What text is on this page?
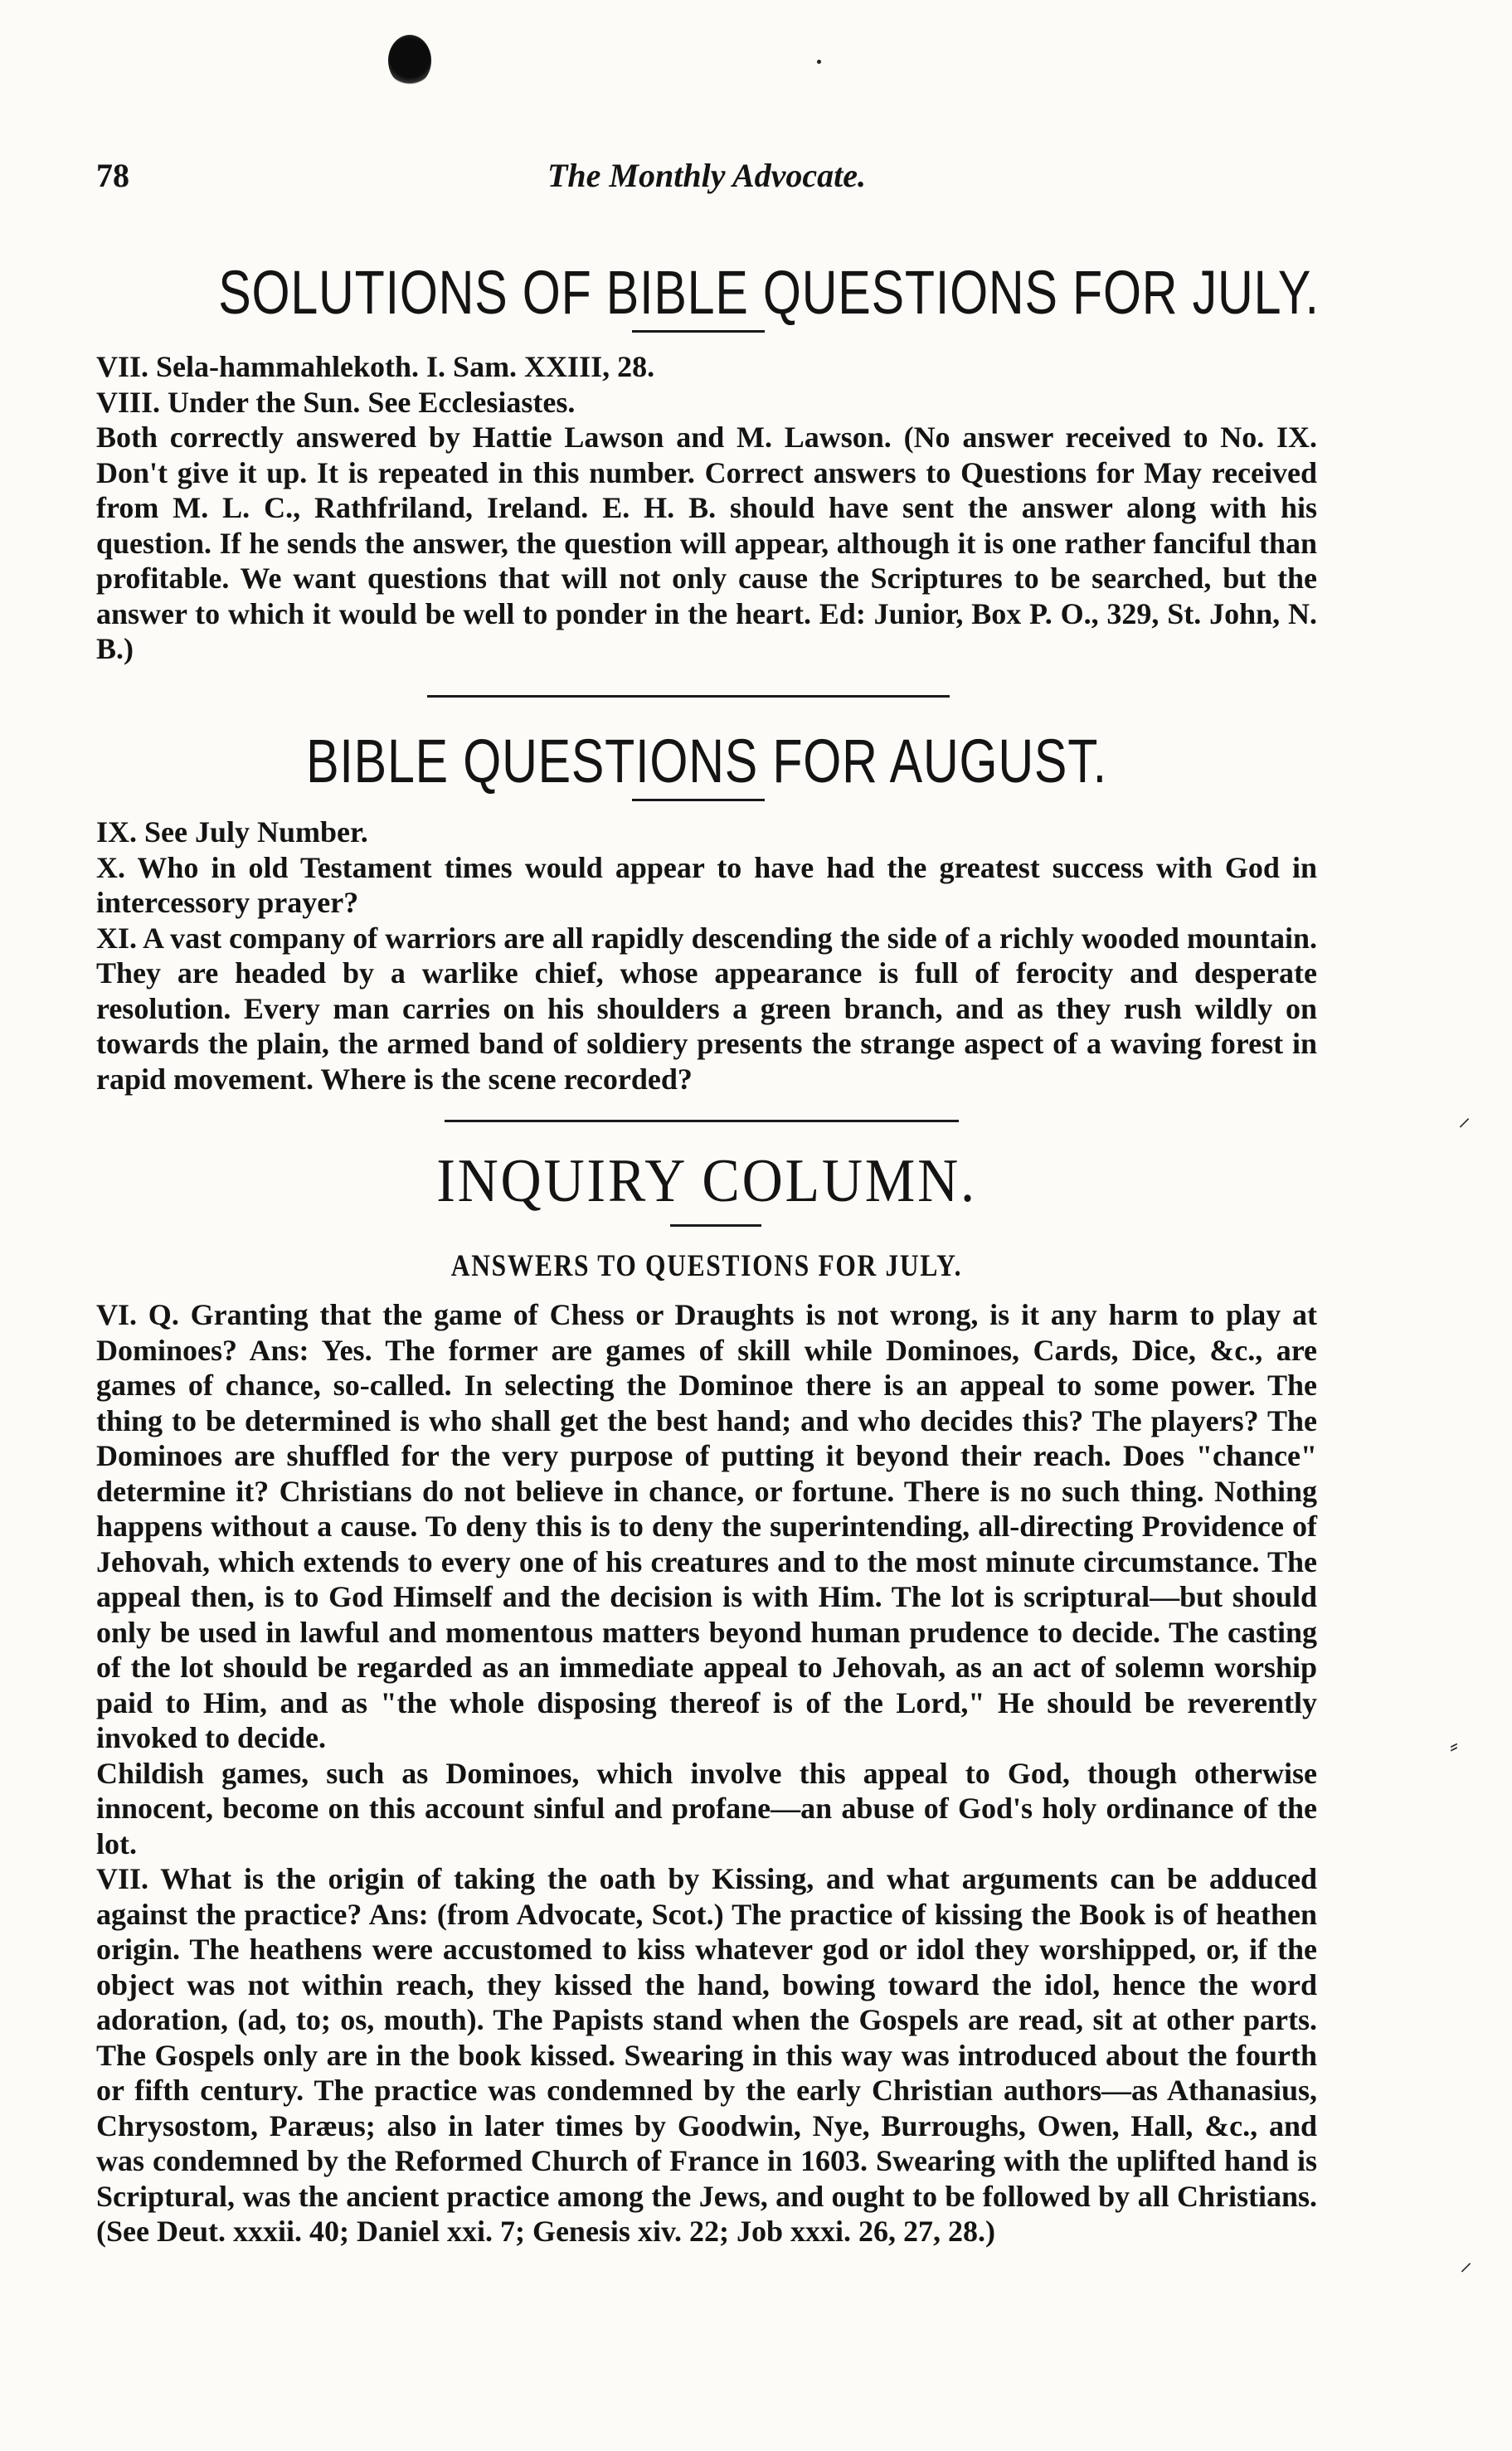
78	The Monthly Advocate.
SOLUTIONS OF BIBLE QUESTIONS FOR JULY.

VII. Sela-hammahlekoth. I. Sam. XXIII, 28.

VIII. Under the Sun. See Ecclesiastes.

Both correctly answered by Hattie Lawson and M. Lawson. (No answer received to No. IX. Don't give it up. It is repeated in this number. Correct answers to Questions for May received from M. L. C., Rathfriland, Ireland. E. H. B. should have sent the answer along with his question. If he sends the answer, the question will appear, although it is one rather fanciful than profitable. We want questions that will not only cause the Scriptures to be searched, but the answer to which it would be well to ponder in the heart. Ed: Junior, Box P. O., 329, St. John, N. B.)

BIBLE QUESTIONS FOR AUGUST.

IX. See July Number.

X. Who in old Testament times would appear to have had the greatest success with God in intercessory prayer?

XI. A vast company of warriors are all rapidly descending the side of a richly wooded mountain. They are headed by a warlike chief, whose appearance is full of ferocity and desperate resolution. Every man carries on his shoulders a green branch, and as they rush wildly on towards the plain, the armed band of soldiery presents the strange aspect of a waving forest in rapid movement. Where is the scene recorded?

INQUIRY COLUMN.
ANSWERS TO QUESTIONS FOR JULY.

VI. Q. Granting that the game of Chess or Draughts is not wrong, is it any harm to play at Dominoes? Ans: Yes. The former are games of skill while Dominoes, Cards, Dice, &c., are games of chance, so-called. In selecting the Dominoe there is an appeal to some power. The thing to be determined is who shall get the best hand; and who decides this? The players? The Dominoes are shuffled for the very purpose of putting it beyond their reach. Does "chance" determine it? Christians do not believe in chance, or fortune. There is no such thing. Nothing happens without a cause. To deny this is to deny the superintending, all-directing Providence of Jehovah, which extends to every one of his creatures and to the most minute circumstance. The appeal then, is to God Himself and the decision is with Him. The lot is scriptural—but should only be used in lawful and momentous matters beyond human prudence to decide. The casting of the lot should be regarded as an immediate appeal to Jehovah, as an act of solemn worship paid to Him, and as "the whole disposing thereof is of the Lord," He should be reverently invoked to decide.

Childish games, such as Dominoes, which involve this appeal to God, though otherwise innocent, become on this account sinful and profane—an abuse of God's holy ordinance of the lot.

VII. What is the origin of taking the oath by Kissing, and what arguments can be adduced against the practice? Ans: (from Advocate, Scot.) The practice of kissing the Book is of heathen origin. The heathens were accustomed to kiss whatever god or idol they worshipped, or, if the object was not within reach, they kissed the hand, bowing toward the idol, hence the word adoration, (ad, to; os, mouth). The Papists stand when the Gospels are read, sit at other parts. The Gospels only are in the book kissed. Swearing in this way was introduced about the fourth or fifth century. The practice was condemned by the early Christian authors—as Athanasius, Chrysostom, Paræus; also in later times by Goodwin, Nye, Burroughs, Owen, Hall, &c., and was condemned by the Reformed Church of France in 1603. Swearing with the uplifted hand is Scriptural, was the ancient practice among the Jews, and ought to be followed by all Christians. (See Deut. xxxii. 40; Daniel xxi. 7; Genesis xiv. 22; Job xxxi. 26, 27, 28.)

⸝
⸗
⸝
